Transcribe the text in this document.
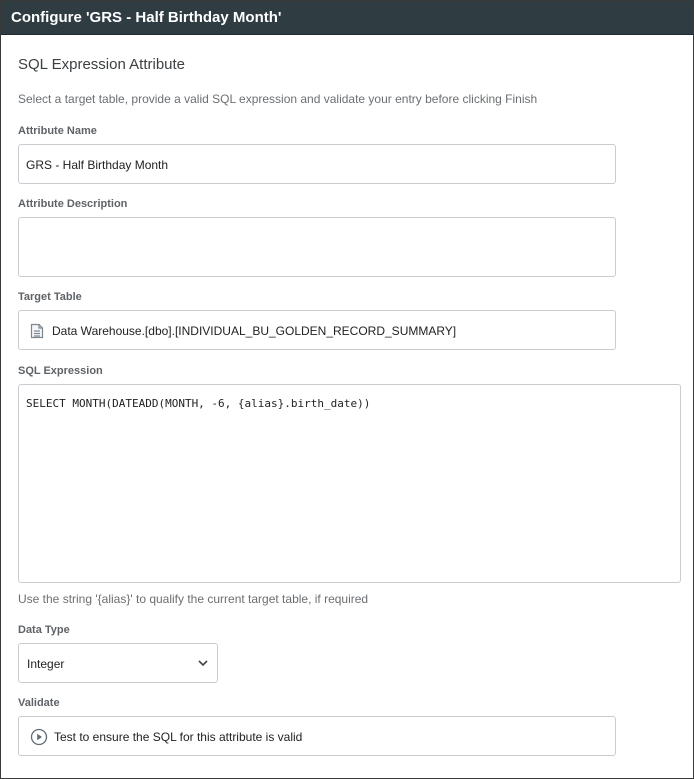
Configure 'GRS - Half Birthday Month'
SQL Expression Attribute
Select a target table, provide a valid SQL expression and validate your entry before clicking Finish
Attribute Name
GRS - Half Birthday Month
Attribute Description
Target Table
Data Warehouse.[dbo].[INDIVIDUAL_BU_GOLDEN_RECORD_SUMMARY]
SQL Expression
SELECT MONTH(DATEADD(MONTH, -6, {alias}.birth_date))
Use the string '{alias}' to qualify the current target table, if required
Data Type
Integer
Validate
Test to ensure the SQL for this attribute is valid
